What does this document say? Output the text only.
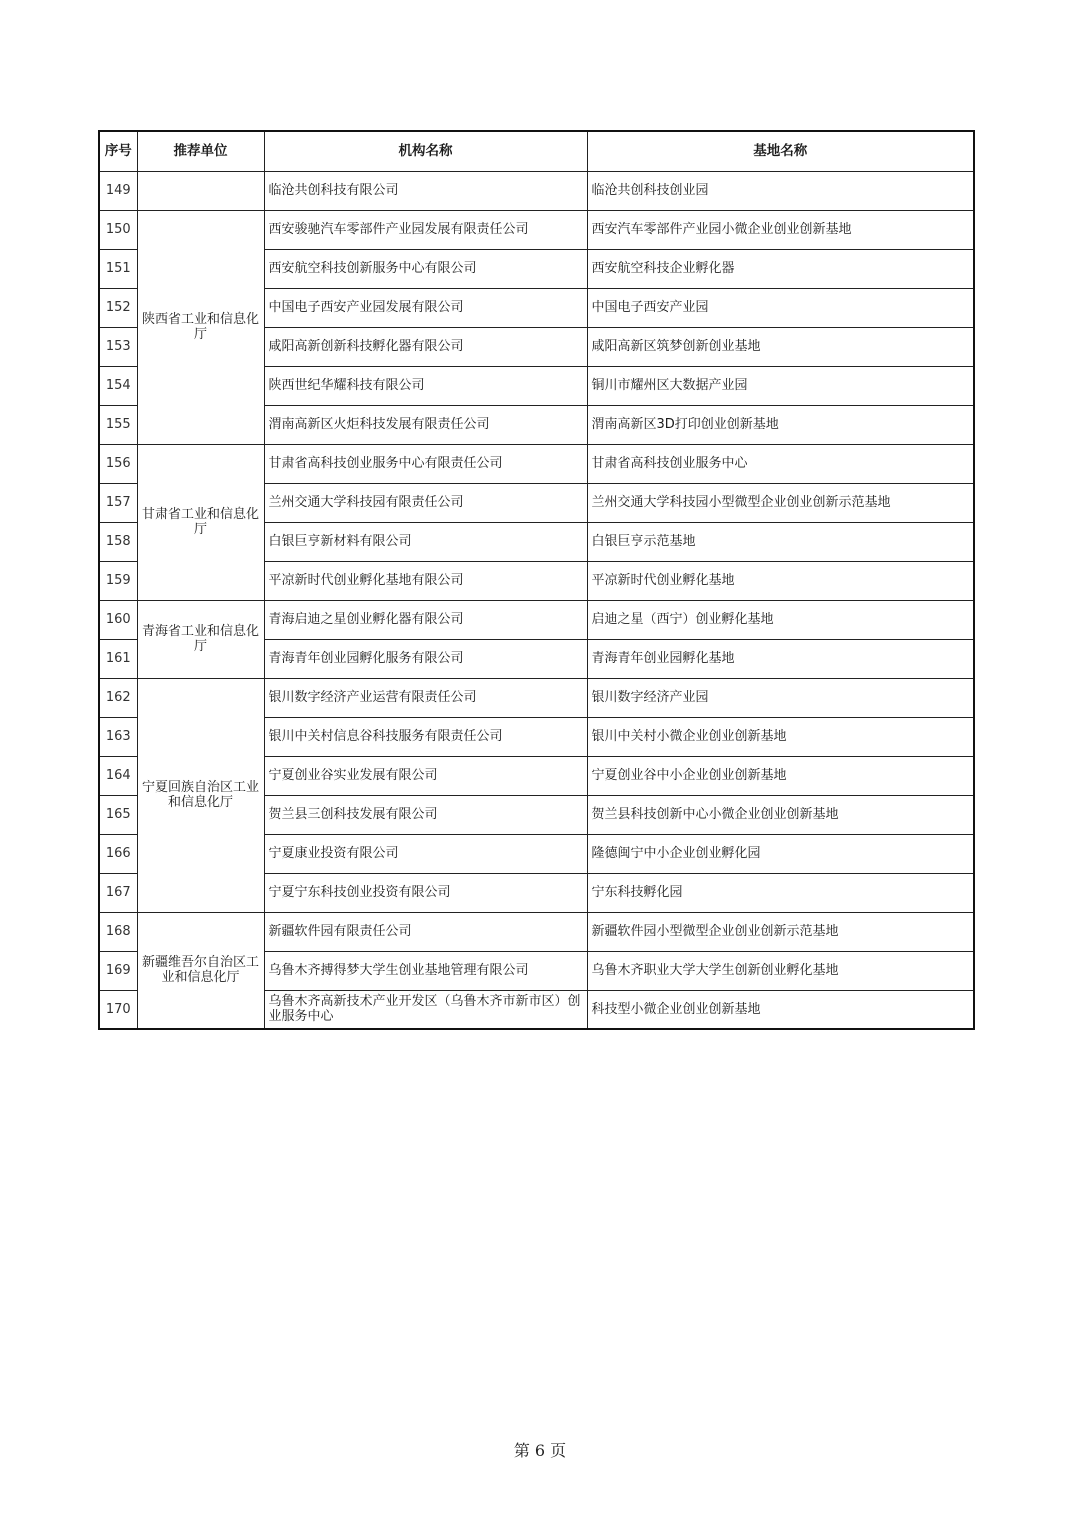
序号	推荐单位	机构名称	基地名称
149		临沧共创科技有限公司	临沧共创科技创业园
150	陕西省工业和信息化厅	西安骏驰汽车零部件产业园发展有限责任公司	西安汽车零部件产业园小微企业创业创新基地
151		西安航空科技创新服务中心有限公司	西安航空科技企业孵化器
152		中国电子西安产业园发展有限公司	中国电子西安产业园
153		咸阳高新创新科技孵化器有限公司	咸阳高新区筑梦创新创业基地
154		陕西世纪华耀科技有限公司	铜川市耀州区大数据产业园
155		渭南高新区火炬科技发展有限责任公司	渭南高新区3D打印创业创新基地
156	甘肃省工业和信息化厅	甘肃省高科技创业服务中心有限责任公司	甘肃省高科技创业服务中心
157		兰州交通大学科技园有限责任公司	兰州交通大学科技园小型微型企业创业创新示范基地
158		白银巨亨新材料有限公司	白银巨亨示范基地
159		平凉新时代创业孵化基地有限公司	平凉新时代创业孵化基地
160	青海省工业和信息化厅	青海启迪之星创业孵化器有限公司	启迪之星（西宁）创业孵化基地
161		青海青年创业园孵化服务有限公司	青海青年创业园孵化基地
162	宁夏回族自治区工业和信息化厅	银川数字经济产业运营有限责任公司	银川数字经济产业园
163		银川中关村信息谷科技服务有限责任公司	银川中关村小微企业创业创新基地
164		宁夏创业谷实业发展有限公司	宁夏创业谷中小企业创业创新基地
165		贺兰县三创科技发展有限公司	贺兰县科技创新中心小微企业创业创新基地
166		宁夏康业投资有限公司	隆德闽宁中小企业创业孵化园
167		宁夏宁东科技创业投资有限公司	宁东科技孵化园
168	新疆维吾尔自治区工业和信息化厅	新疆软件园有限责任公司	新疆软件园小型微型企业创业创新示范基地
169		乌鲁木齐搏得梦大学生创业基地管理有限公司	乌鲁木齐职业大学大学生创新创业孵化基地
170		乌鲁木齐高新技术产业开发区（乌鲁木齐市新市区）创业服务中心	科技型小微企业创业创新基地
第 6 页
